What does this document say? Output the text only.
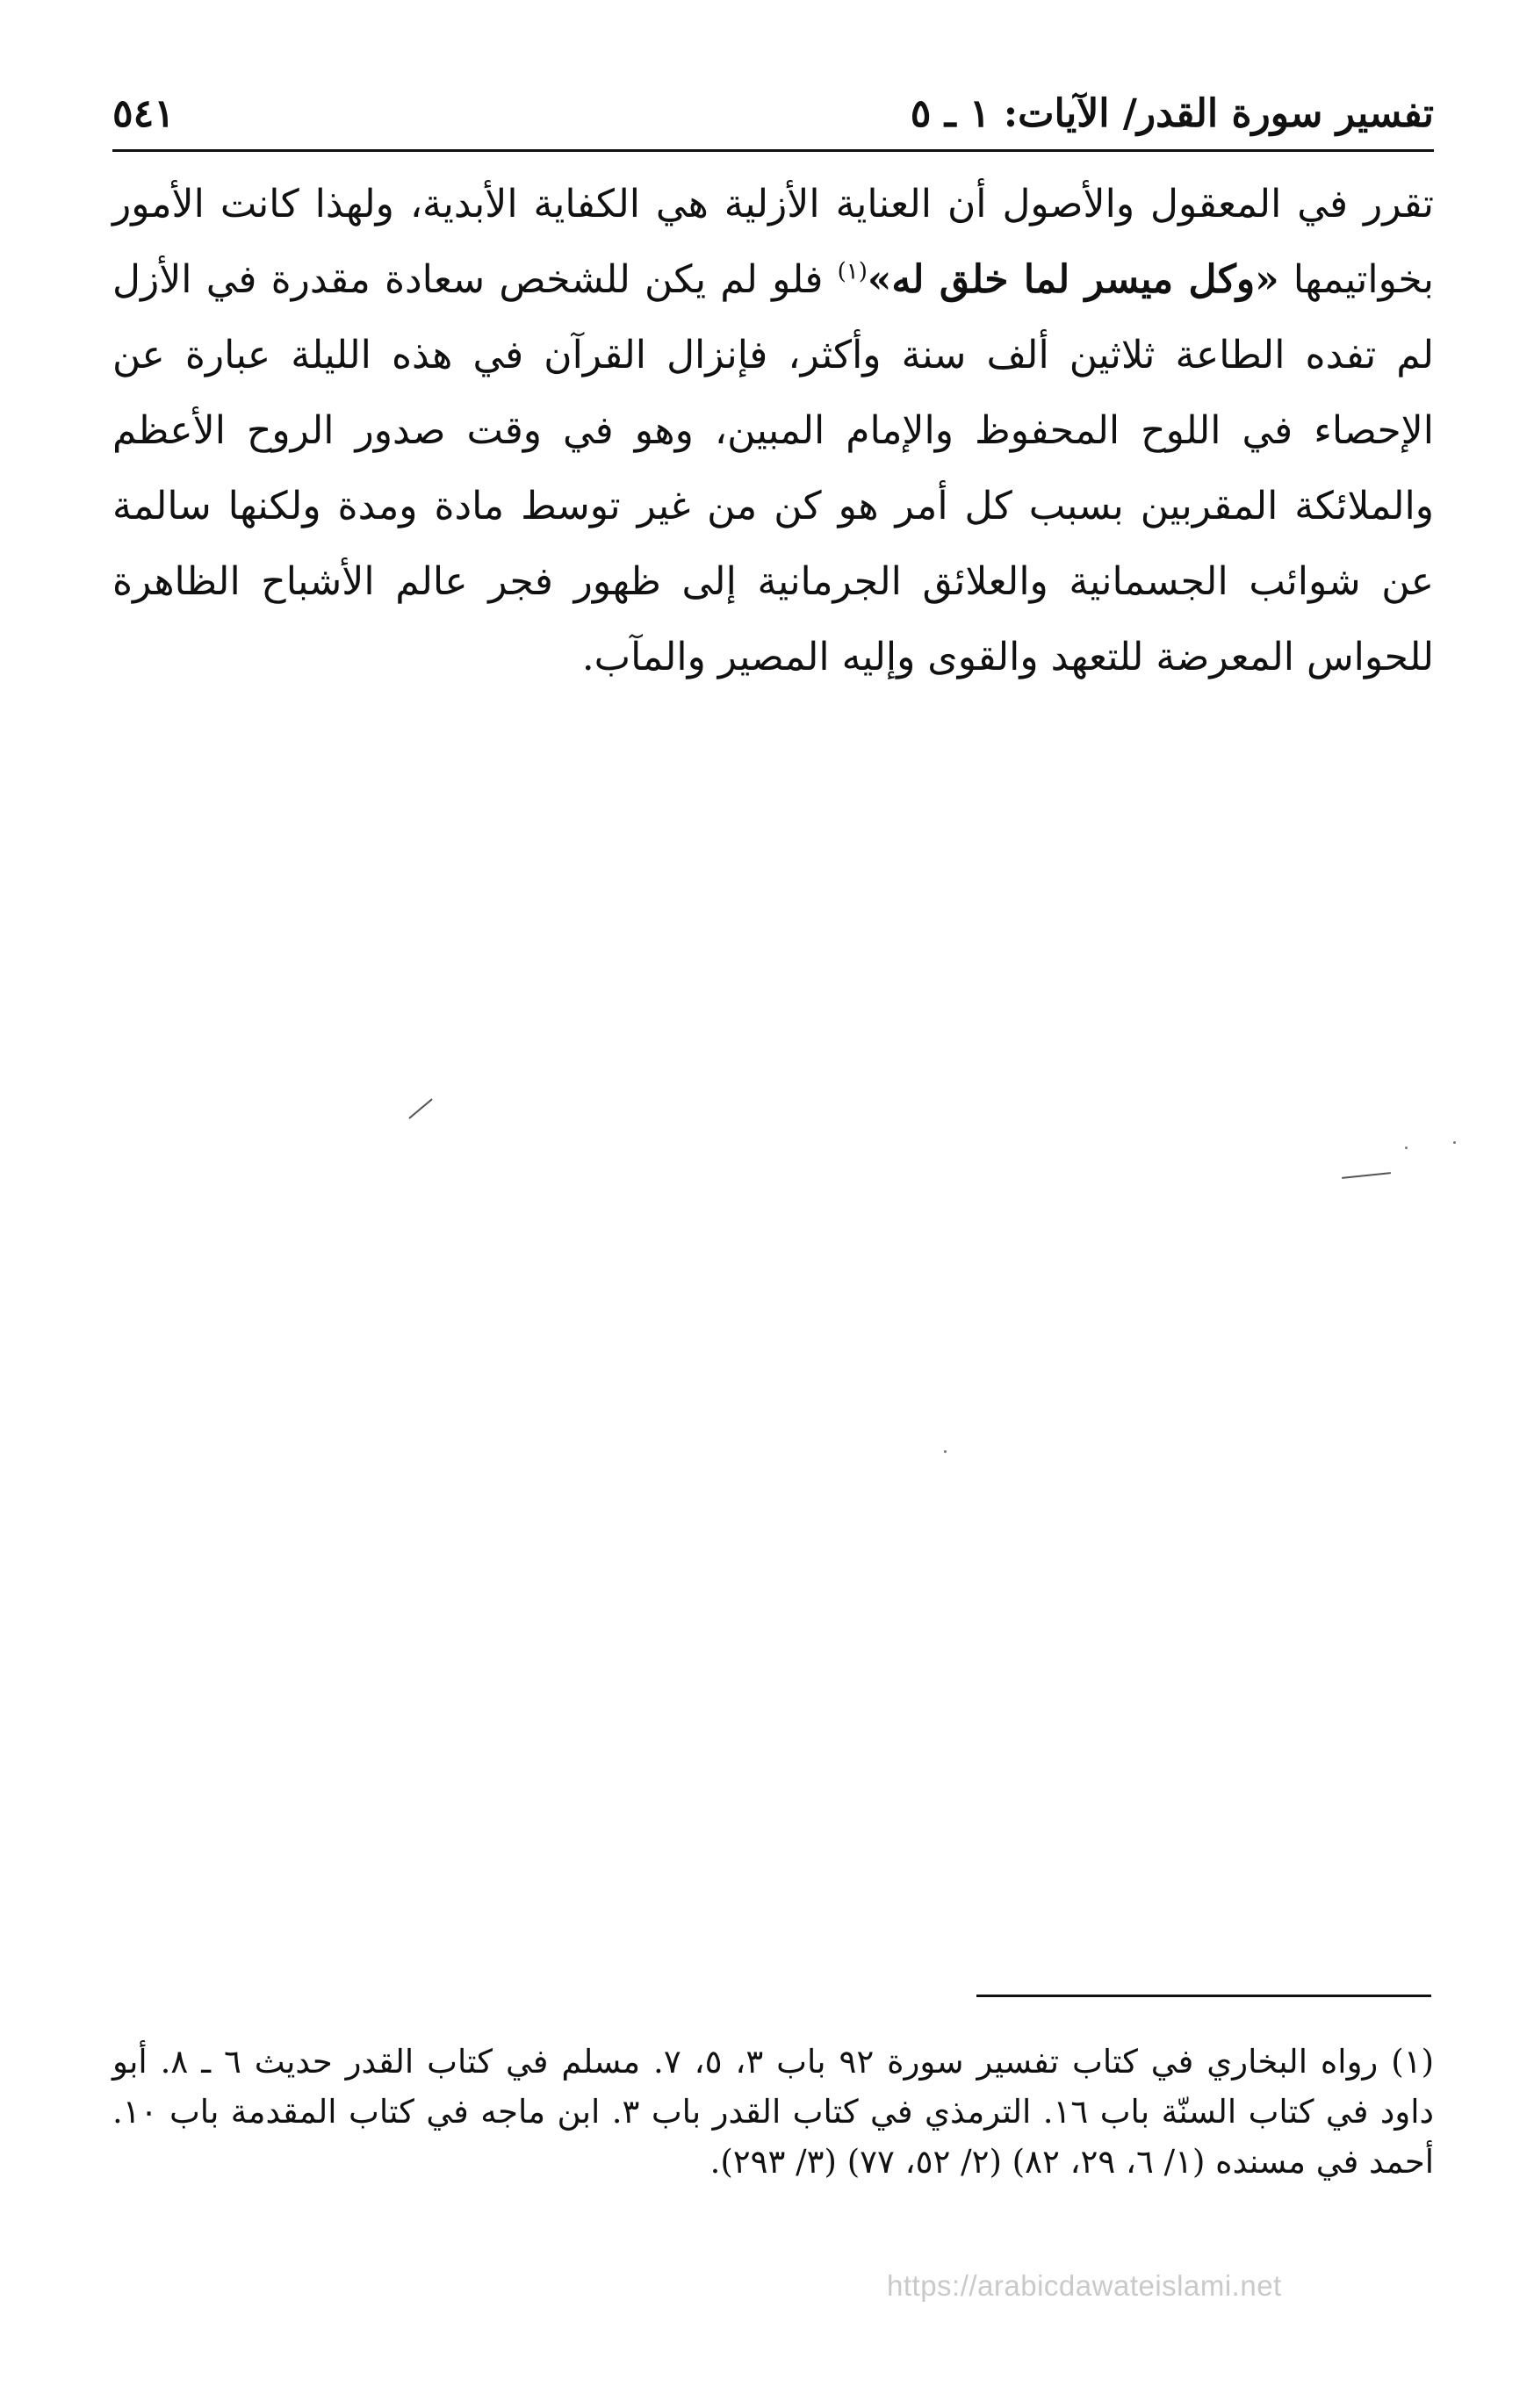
تفسير سورة القدر/ الآيات: ١ ـ ٥
٥٤١
تقرر في المعقول والأصول أن العناية الأزلية هي الكفاية الأبدية، ولهذا كانت الأمور بخواتيمها «وكل ميسر لما خلق له»$^{(١)}$ فلو لم يكن للشخص سعادة مقدرة في الأزل لم تفده الطاعة ثلاثين ألف سنة وأكثر، فإنزال القرآن في هذه الليلة عبارة عن الإحصاء في اللوح المحفوظ والإمام المبين، وهو في وقت صدور الروح الأعظم والملائكة المقربين بسبب كل أمر هو كن من غير توسط مادة ومدة ولكنها سالمة عن شوائب الجسمانية والعلائق الجرمانية إلى ظهور فجر عالم الأشباح الظاهرة للحواس المعرضة للتعهد والقوى وإليه المصير والمآب.
(١) رواه البخاري في كتاب تفسير سورة ٩٢ باب ٣، ٥، ٧. مسلم في كتاب القدر حديث ٦ ـ ٨. أبو داود في كتاب السنّة باب ١٦. الترمذي في كتاب القدر باب ٣. ابن ماجه في كتاب المقدمة باب ١٠. أحمد في مسنده (١/ ٦، ٢٩، ٨٢) (٢/ ٥٢، ٧٧) (٣/ ٢٩٣).
https://arabicdawateislami.net
